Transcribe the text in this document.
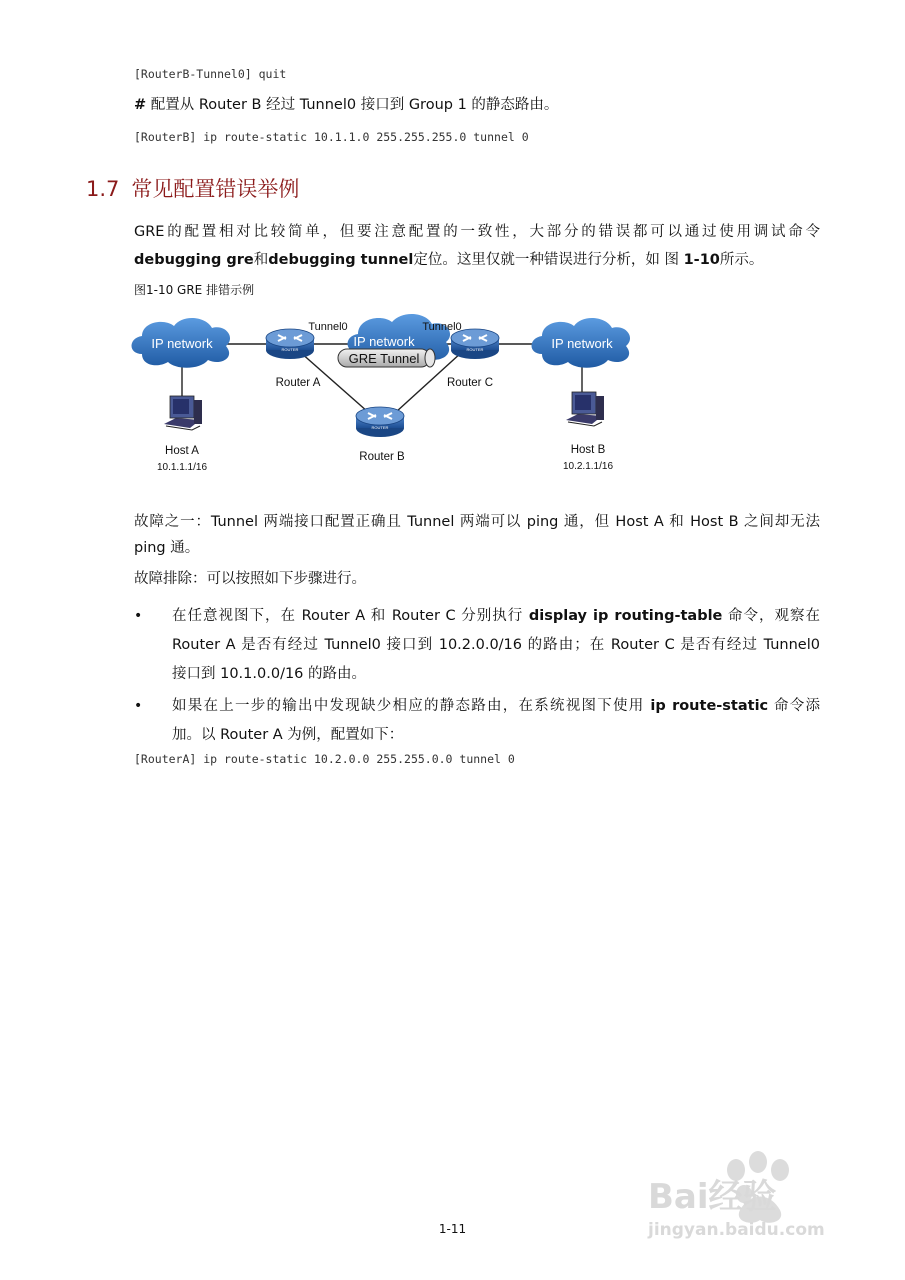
[RouterB-Tunnel0] quit
# 配置从 Router B 经过 Tunnel0 接口到 Group 1 的静态路由。
[RouterB] ip route-static 10.1.1.0 255.255.255.0 tunnel 0
1.7 常见配置错误举例
GRE的配置相对比较简单，但要注意配置的一致性，大部分的错误都可以通过使用调试命令
debugging gre和debugging tunnel定位。这里仅就一种错误进行分析，如 图 1-10所示。
图1-10 GRE 排错示例
IP network	IP network
GRE Tunnel
IP network
ROUTER
Router A
ROUTER
Router C
ROUTER
Router B
Tunnel0	Tunnel0
Host A
10.1.1.1/16
Host B
10.2.1.1/16
故障之一：Tunnel 两端接口配置正确且 Tunnel 两端可以 ping 通，但 Host A 和 Host B 之间却无法
ping 通。
故障排除：可以按照如下步骤进行。
• 在任意视图下，在 Router A 和 Router C 分别执行 display ip routing-table 命令，观察在
Router A 是否有经过 Tunnel0 接口到 10.2.0.0/16 的路由；在 Router C 是否有经过 Tunnel0
接口到 10.1.0.0/16 的路由。
• 如果在上一步的输出中发现缺少相应的静态路由，在系统视图下使用 ip route-static 命令添
加。以 Router A 为例，配置如下：
[RouterA] ip route-static 10.2.0.0 255.255.0.0 tunnel 0
Bai经验
jingyan.baidu.com
1-11
